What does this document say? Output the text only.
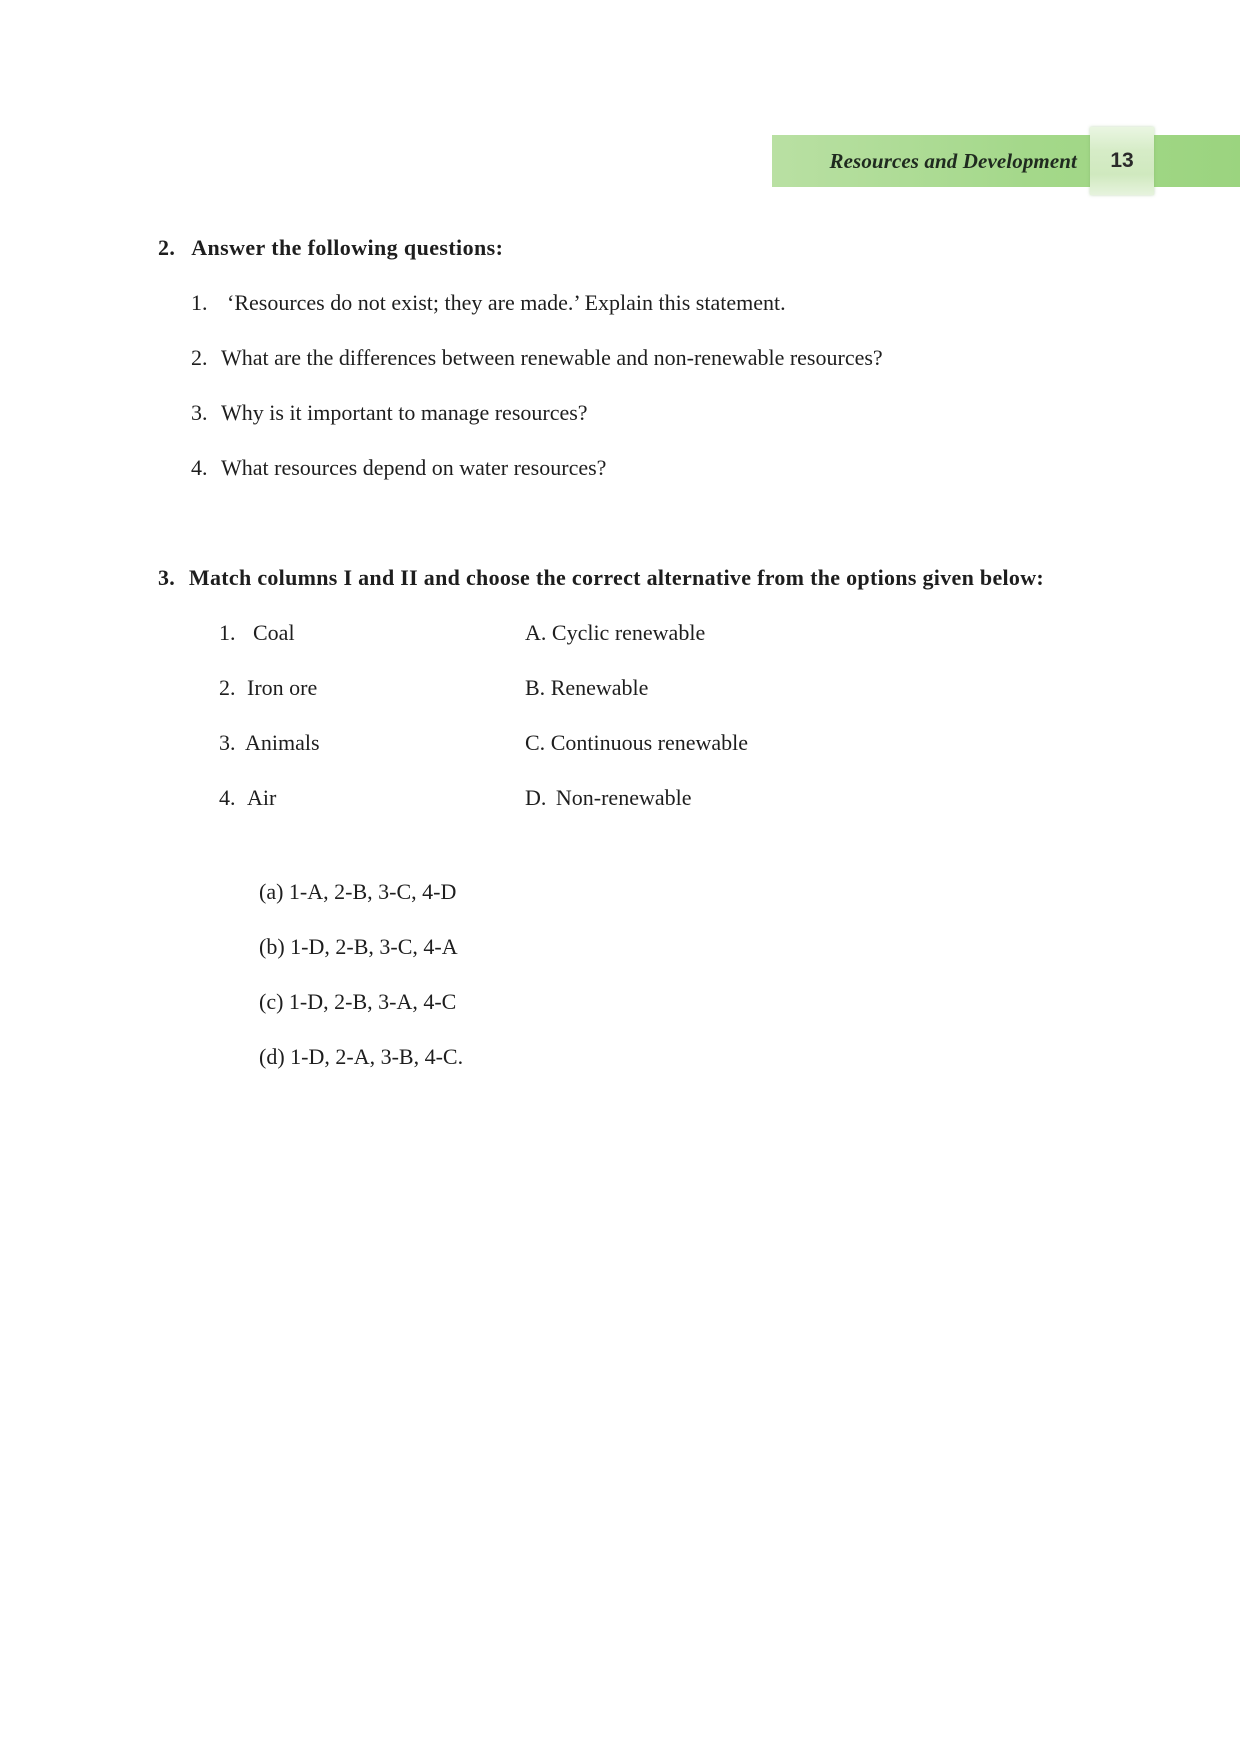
Resources and Development	13
2. Answer the following questions:
1. ‘Resources do not exist; they are made.’ Explain this statement.
2. What are the differences between renewable and non-renewable resources?
3. Why is it important to manage resources?
4. What resources depend on water resources?
3. Match columns I and II and choose the correct alternative from the options given below:
1. Coal
2. Iron ore
3. Animals
4. Air
A. Cyclic renewable
B. Renewable
C. Continuous renewable
D. Non-renewable
(a) 1-A, 2-B, 3-C, 4-D
(b) 1-D, 2-B, 3-C, 4-A
(c) 1-D, 2-B, 3-A, 4-C
(d) 1-D, 2-A, 3-B, 4-C.
